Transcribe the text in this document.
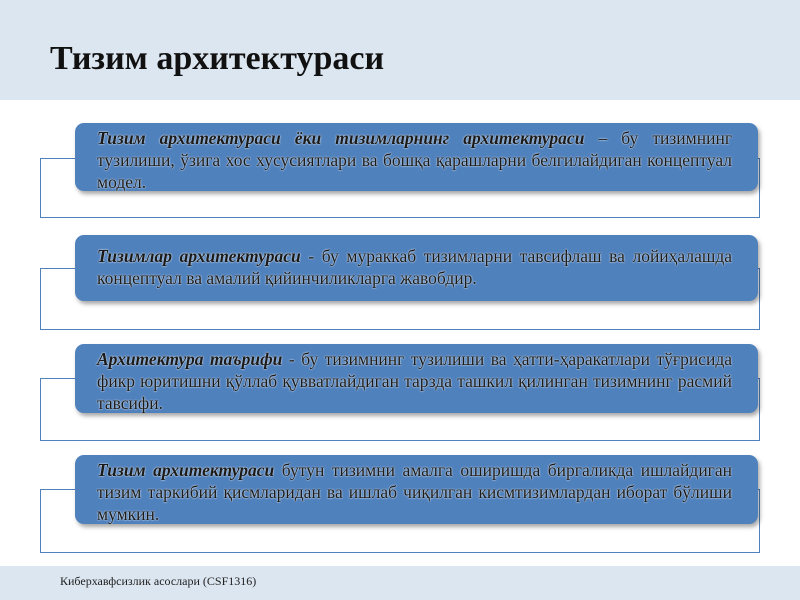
Тизим архитектураси

Тизим архитектураси ёки тизимларнинг архитектураси – бу тизимнинг тузилиши, ўзига хос хусусиятлари ва бошқа қарашларни белгилайдиган концептуал модел.

Тизимлар архитектураси - бу мураккаб тизимларни тавсифлаш ва лойиҳалашда концептуал ва амалий қийинчиликларга жавобдир.

Архитектура таърифи - бу тизимнинг тузилиши ва ҳатти-ҳаракатлари тўғрисида фикр юритишни қўллаб қувватлайдиган тарзда ташкил қилинган тизимнинг расмий тавсифи.

Тизим архитектураси бутун тизимни амалга оширишда биргаликда ишлайдиган тизим таркибий қисмларидан ва ишлаб чиқилган кисмтизимлардан иборат бўлиши мумкин.

Киберхавфсизлик асослари (CSF1316)
